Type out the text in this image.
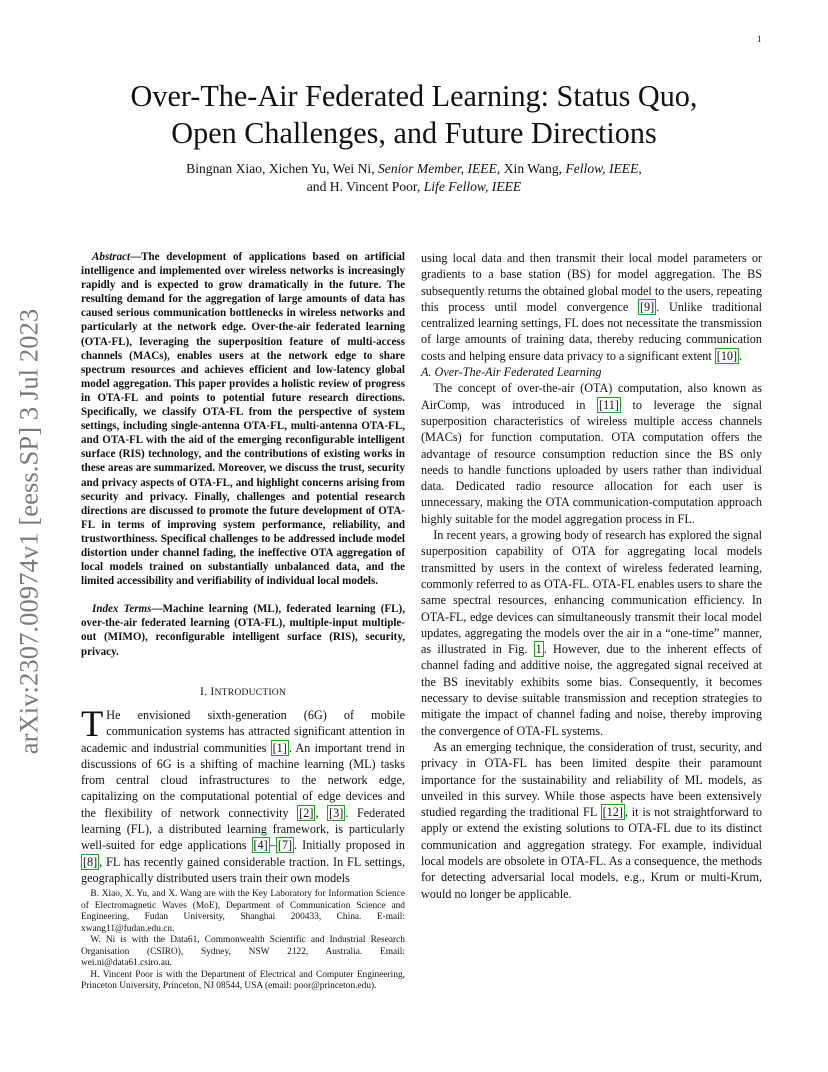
1
arXiv:2307.00974v1 [eess.SP] 3 Jul 2023
Over-The-Air Federated Learning: Status Quo,
Open Challenges, and Future Directions

Bingnan Xiao, Xichen Yu, Wei Ni, Senior Member, IEEE, Xin Wang, Fellow, IEEE,
and H. Vincent Poor, Life Fellow, IEEE

Abstract—The development of applications based on artificial intelligence and implemented over wireless networks is increasingly rapidly and is expected to grow dramatically in the future. The resulting demand for the aggregation of large amounts of data has caused serious communication bottlenecks in wireless networks and particularly at the network edge. Over-the-air federated learning (OTA-FL), leveraging the superposition feature of multi-access channels (MACs), enables users at the network edge to share spectrum resources and achieves efficient and low-latency global model aggregation. This paper provides a holistic review of progress in OTA-FL and points to potential future research directions. Specifically, we classify OTA-FL from the perspective of system settings, including single-antenna OTA-FL, multi-antenna OTA-FL, and OTA-FL with the aid of the emerging reconfigurable intelligent surface (RIS) technology, and the contributions of existing works in these areas are summarized. Moreover, we discuss the trust, security and privacy aspects of OTA-FL, and highlight concerns arising from security and privacy. Finally, challenges and potential research directions are discussed to promote the future development of OTA-FL in terms of improving system performance, reliability, and trustworthiness. Specifical challenges to be addressed include model distortion under channel fading, the ineffective OTA aggregation of local models trained on substantially unbalanced data, and the limited accessibility and verifiability of individual local models.

Index Terms—Machine learning (ML), federated learning (FL), over-the-air federated learning (OTA-FL), multiple-input multiple-out (MIMO), reconfigurable intelligent surface (RIS), security, privacy.

I. INTRODUCTION

T He envisioned sixth-generation (6G) of mobile communication systems has attracted significant attention in academic and industrial communities [1] . An important trend in discussions of 6G is a shifting of machine learning (ML) tasks from central cloud infrastructures to the network edge, capitalizing on the computational potential of edge devices and the flexibility of network connectivity [2] , [3] . Federated learning (FL), a distributed learning framework, is particularly well-suited for edge applications [4] – [7] . Initially proposed in [8] , FL has recently gained considerable traction. In FL settings, geographically distributed users train their own models

B. Xiao, X. Yu, and X. Wang are with the Key Laboratory for Information Science of Electromagnetic Waves (MoE), Department of Communication Science and Engineering, Fudan University, Shanghai 200433, China. E-mail: xwang11@fudan.edu.cn.

W. Ni is with the Data61, Commonwealth Scientific and Industrial Research Organisation (CSIRO), Sydney, NSW 2122, Australia. Email: wei.ni@data61.csiro.au.

H. Vincent Poor is with the Department of Electrical and Computer Engineering, Princeton University, Princeton, NJ 08544, USA (email: poor@princeton.edu).

using local data and then transmit their local model parameters or gradients to a base station (BS) for model aggregation. The BS subsequently returns the obtained global model to the users, repeating this process until model convergence [9] . Unlike traditional centralized learning settings, FL does not necessitate the transmission of large amounts of training data, thereby reducing communication costs and helping ensure data privacy to a significant extent [10] .

A. Over-The-Air Federated Learning

The concept of over-the-air (OTA) computation, also known as AirComp, was introduced in [11] to leverage the signal superposition characteristics of wireless multiple access channels (MACs) for function computation. OTA computation offers the advantage of resource consumption reduction since the BS only needs to handle functions uploaded by users rather than individual data. Dedicated radio resource allocation for each user is unnecessary, making the OTA communication-computation approach highly suitable for the model aggregation process in FL.

In recent years, a growing body of research has explored the signal superposition capability of OTA for aggregating local models transmitted by users in the context of wireless federated learning, commonly referred to as OTA-FL. OTA-FL enables users to share the same spectral resources, enhancing communication efficiency. In OTA-FL, edge devices can simultaneously transmit their local model updates, aggregating the models over the air in a “one-time” manner, as illustrated in Fig. 1 . However, due to the inherent effects of channel fading and additive noise, the aggregated signal received at the BS inevitably exhibits some bias. Consequently, it becomes necessary to devise suitable transmission and reception strategies to mitigate the impact of channel fading and noise, thereby improving the convergence of OTA-FL systems.

As an emerging technique, the consideration of trust, security, and privacy in OTA-FL has been limited despite their paramount importance for the sustainability and reliability of ML models, as unveiled in this survey. While those aspects have been extensively studied regarding the traditional FL [12] , it is not straightforward to apply or extend the existing solutions to OTA-FL due to its distinct communication and aggregation strategy. For example, individual local models are obsolete in OTA-FL. As a consequence, the methods for detecting adversarial local models, e.g., Krum or multi-Krum, would no longer be applicable.
